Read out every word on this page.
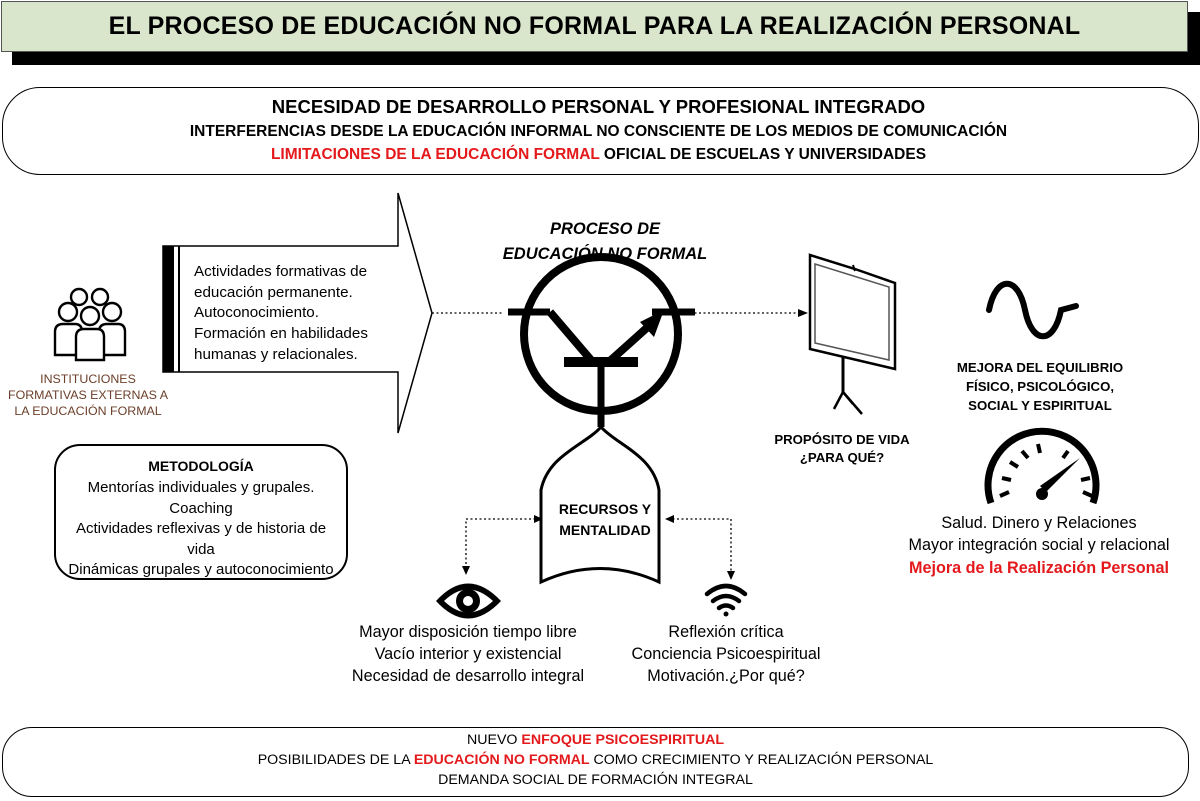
EL PROCESO DE EDUCACIÓN NO FORMAL PARA LA REALIZACIÓN PERSONAL
NECESIDAD DE DESARROLLO PERSONAL Y PROFESIONAL INTEGRADO
INTERFERENCIAS DESDE LA EDUCACIÓN INFORMAL NO CONSCIENTE DE LOS MEDIOS DE COMUNICACIÓN
LIMITACIONES DE LA EDUCACIÓN FORMAL OFICIAL DE ESCUELAS Y UNIVERSIDADES
Actividades formativas de
educación permanente.
Autoconocimiento.
Formación en habilidades
humanas y relacionales.
INSTITUCIONES
FORMATIVAS EXTERNAS A
LA EDUCACIÓN FORMAL
METODOLOGÍA
Mentorías individuales y grupales.
Coaching
Actividades reflexivas y de historia de
vida
Dinámicas grupales y autoconocimiento
PROCESO DE
EDUCACIÓN NO FORMAL
RECURSOS Y
MENTALIDAD
Mayor disposición tiempo libre
Vacío interior y existencial
Necesidad de desarrollo integral
Reflexión crítica
Conciencia Psicoespiritual
Motivación.¿Por qué?
PROPÓSITO DE VIDA
¿PARA QUÉ?
MEJORA DEL EQUILIBRIO
FÍSICO, PSICOLÓGICO,
SOCIAL Y ESPIRITUAL
Salud. Dinero y Relaciones
Mayor integración social y relacional
Mejora de la Realización Personal
NUEVO ENFOQUE PSICOESPIRITUAL
POSIBILIDADES DE LA EDUCACIÓN NO FORMAL COMO CRECIMIENTO Y REALIZACIÓN PERSONAL
DEMANDA SOCIAL DE FORMACIÓN INTEGRAL
